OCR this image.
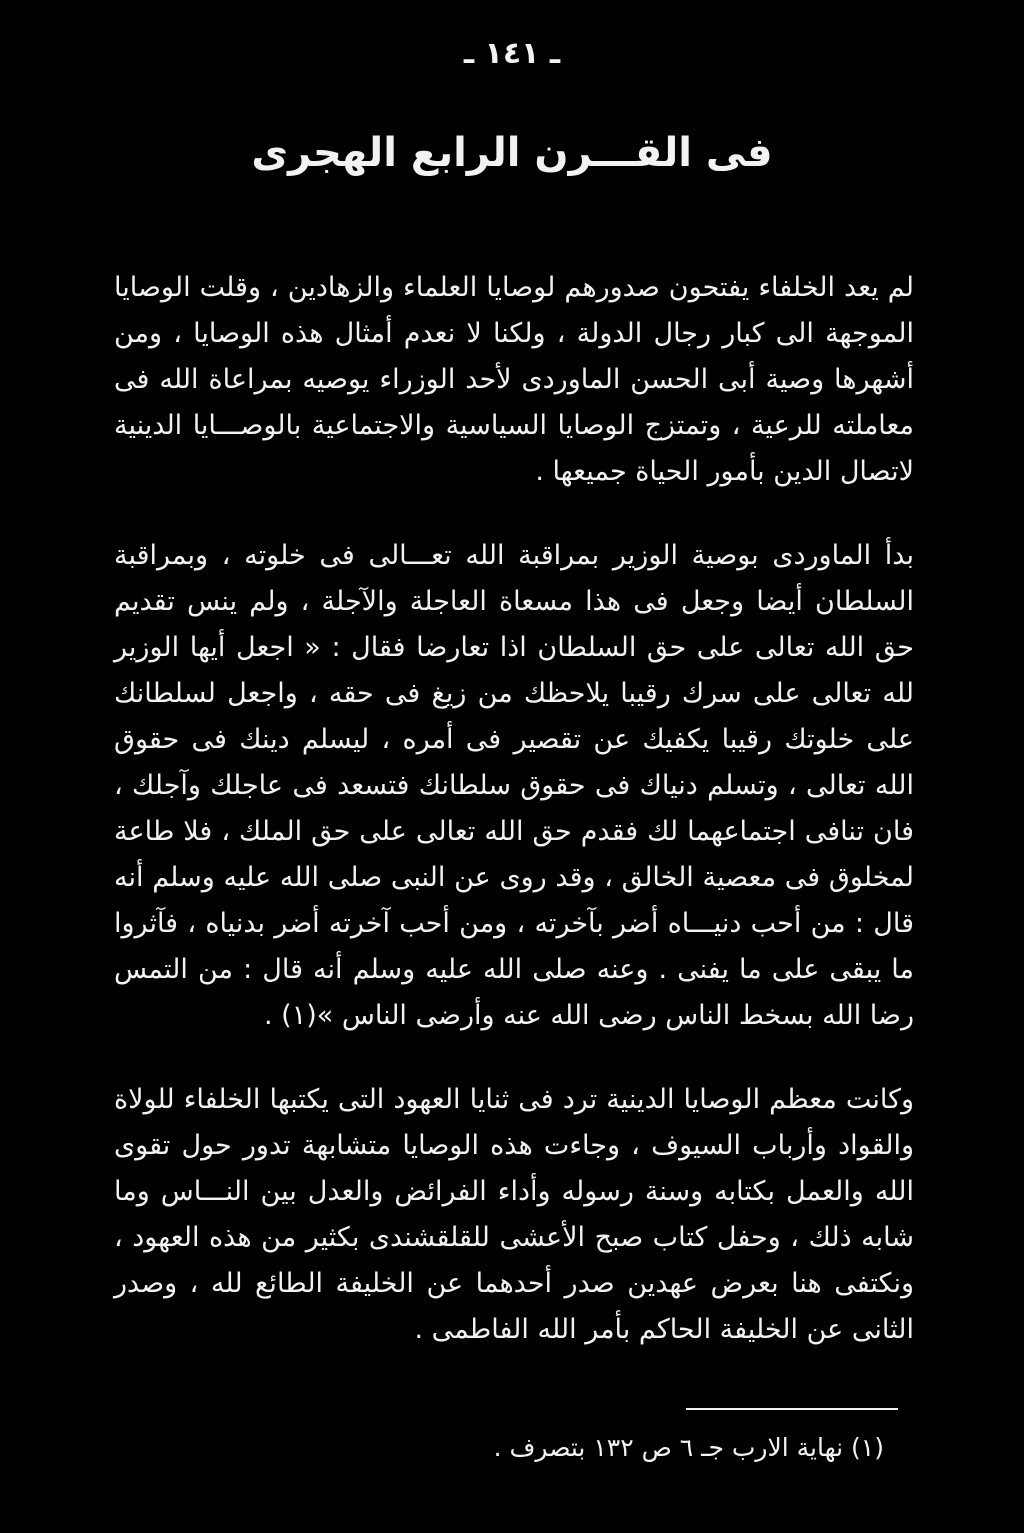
ـ ١٤١ ـ
فى القـــرن الرابع الهجرى

لم يعد الخلفاء يفتحون صدورهم لوصايا العلماء والزهادين ، وقلت الوصايا الموجهة الى كبار رجال الدولة ، ولكنا لا نعدم أمثال هذه الوصايا ، ومن أشهرها وصية أبى الحسن الماوردى لأحد الوزراء يوصيه بمراعاة الله فى معاملته للرعية ، وتمتزج الوصايا السياسية والاجتماعية بالوصـــايا الدينية لاتصال الدين بأمور الحياة جميعها .

بدأ الماوردى بوصية الوزير بمراقبة الله تعـــالى فى خلوته ، وبمراقبة السلطان أيضا وجعل فى هذا مسعاة العاجلة والآجلة ، ولم ينس تقديم حق الله تعالى على حق السلطان اذا تعارضا فقال : « اجعل أيها الوزير لله تعالى على سرك رقيبا يلاحظك من زيغ فى حقه ، واجعل لسلطانك على خلوتك رقيبا يكفيك عن تقصير فى أمره ، ليسلم دينك فى حقوق الله تعالى ، وتسلم دنياك فى حقوق سلطانك فتسعد فى عاجلك وآجلك ، فان تنافى اجتماعهما لك فقدم حق الله تعالى على حق الملك ، فلا طاعة لمخلوق فى معصية الخالق ، وقد روى عن النبى صلى الله عليه وسلم أنه قال : من أحب دنيـــاه أضر بآخرته ، ومن أحب آخرته أضر بدنياه ، فآثروا ما يبقى على ما يفنى . وعنه صلى الله عليه وسلم أنه قال : من التمس رضا الله بسخط الناس رضى الله عنه وأرضى الناس »(١) .

وكانت معظم الوصايا الدينية ترد فى ثنايا العهود التى يكتبها الخلفاء للولاة والقواد وأرباب السيوف ، وجاءت هذه الوصايا متشابهة تدور حول تقوى الله والعمل بكتابه وسنة رسوله وأداء الفرائض والعدل بين النـــاس وما شابه ذلك ، وحفل كتاب صبح الأعشى للقلقشندى بكثير من هذه العهود ، ونكتفى هنا بعرض عهدين صدر أحدهما عن الخليفة الطائع لله ، وصدر الثانى عن الخليفة الحاكم بأمر الله الفاطمى .

(١) نهاية الارب جـ ٦ ص ١٣٢ بتصرف .
